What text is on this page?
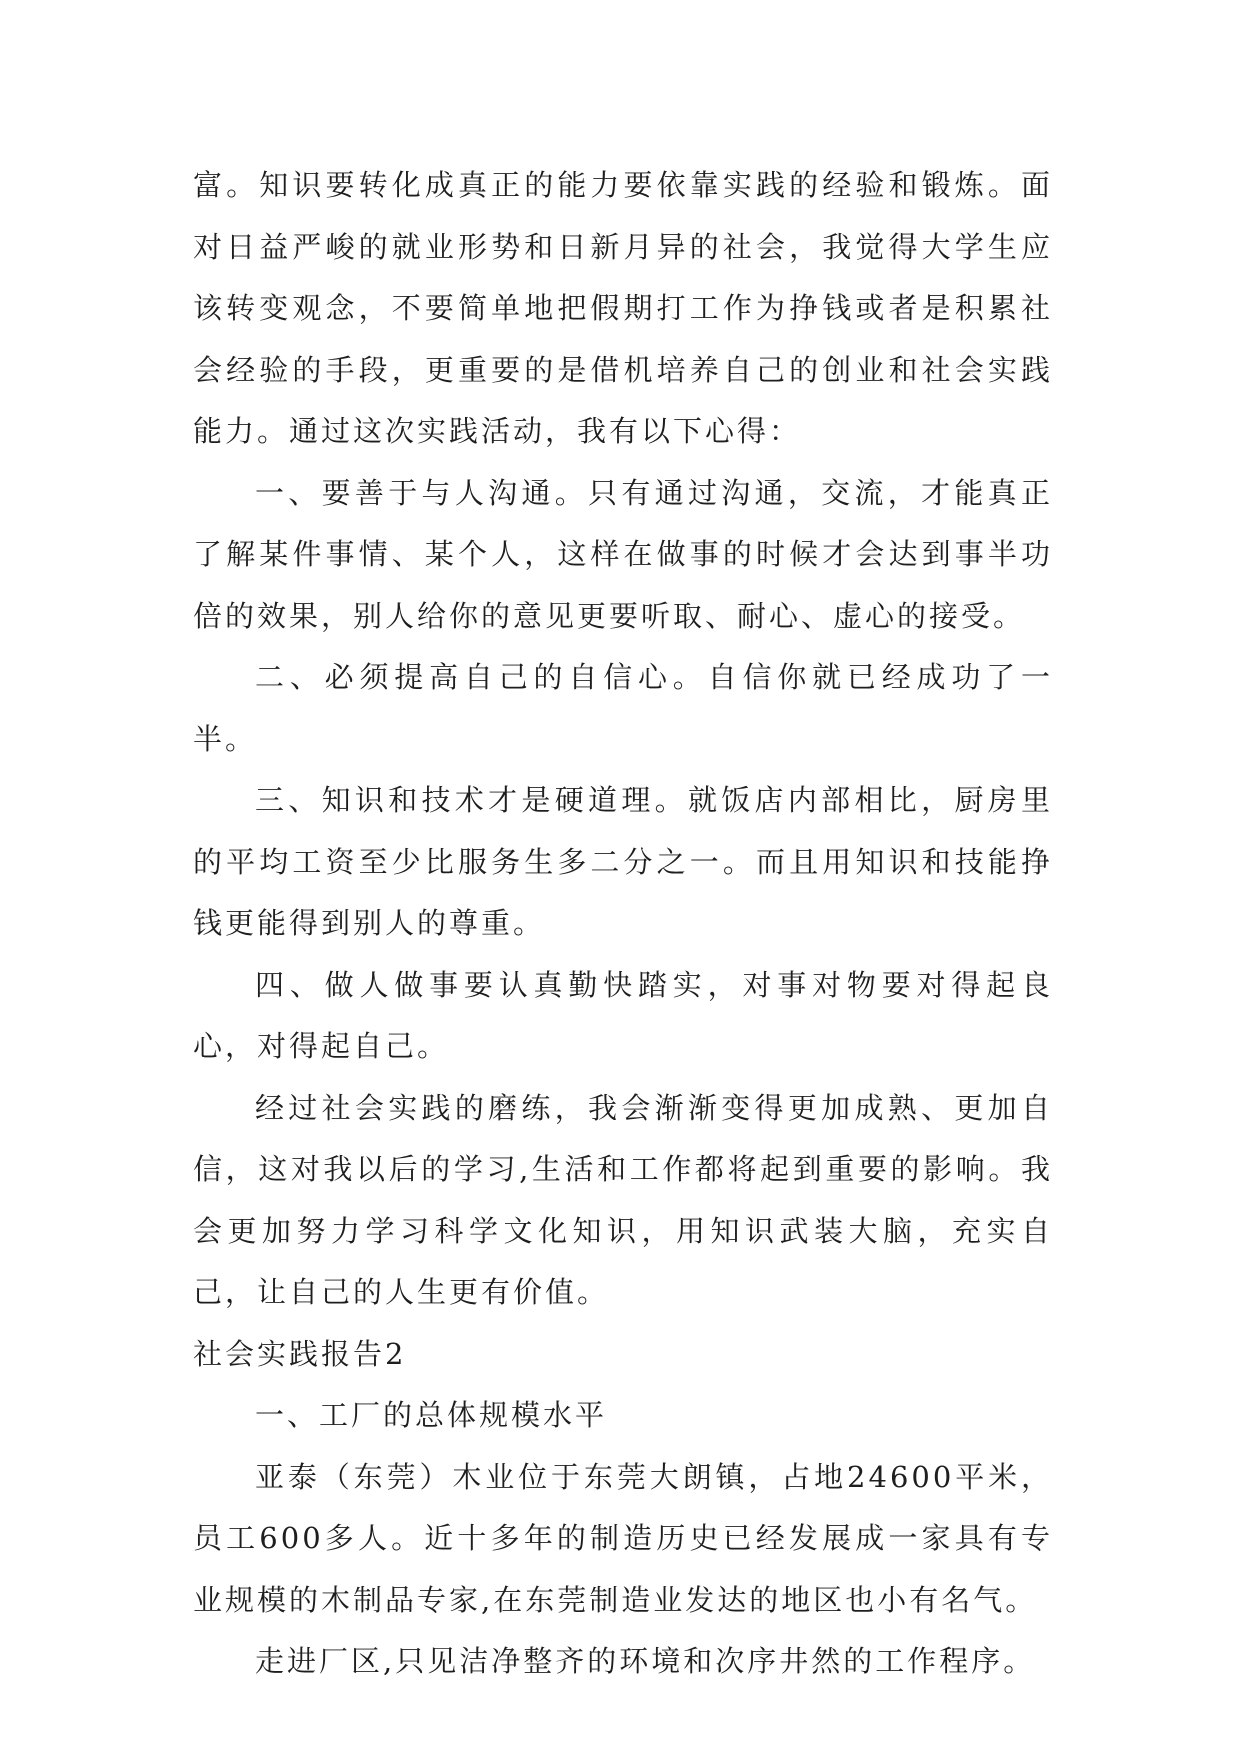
富。知识要转化成真正的能力要依靠实践的经验和锻炼。面对日益严峻的就业形势和日新月异的社会，我觉得大学生应该转变观念，不要简单地把假期打工作为挣钱或者是积累社会经验的手段，更重要的是借机培养自己的创业和社会实践能力。通过这次实践活动，我有以下心得：

一、要善于与人沟通。只有通过沟通，交流，才能真正了解某件事情、某个人，这样在做事的时候才会达到事半功倍的效果，别人给你的意见更要听取、耐心、虚心的接受。

二、必须提高自己的自信心。自信你就已经成功了一半。

三、知识和技术才是硬道理。就饭店内部相比，厨房里的平均工资至少比服务生多二分之一。而且用知识和技能挣钱更能得到别人的尊重。

四、做人做事要认真勤快踏实，对事对物要对得起良心，对得起自己。

经过社会实践的磨练，我会渐渐变得更加成熟、更加自信，这对我以后的学习,生活和工作都将起到重要的影响。我会更加努力学习科学文化知识，用知识武装大脑，充实自己，让自己的人生更有价值。

社会实践报告2

一、工厂的总体规模水平

亚泰（东莞）木业位于东莞大朗镇，占地24600平米，员工600多人。近十多年的制造历史已经发展成一家具有专业规模的木制品专家,在东莞制造业发达的地区也小有名气。

走进厂区,只见洁净整齐的环境和次序井然的工作程序。
